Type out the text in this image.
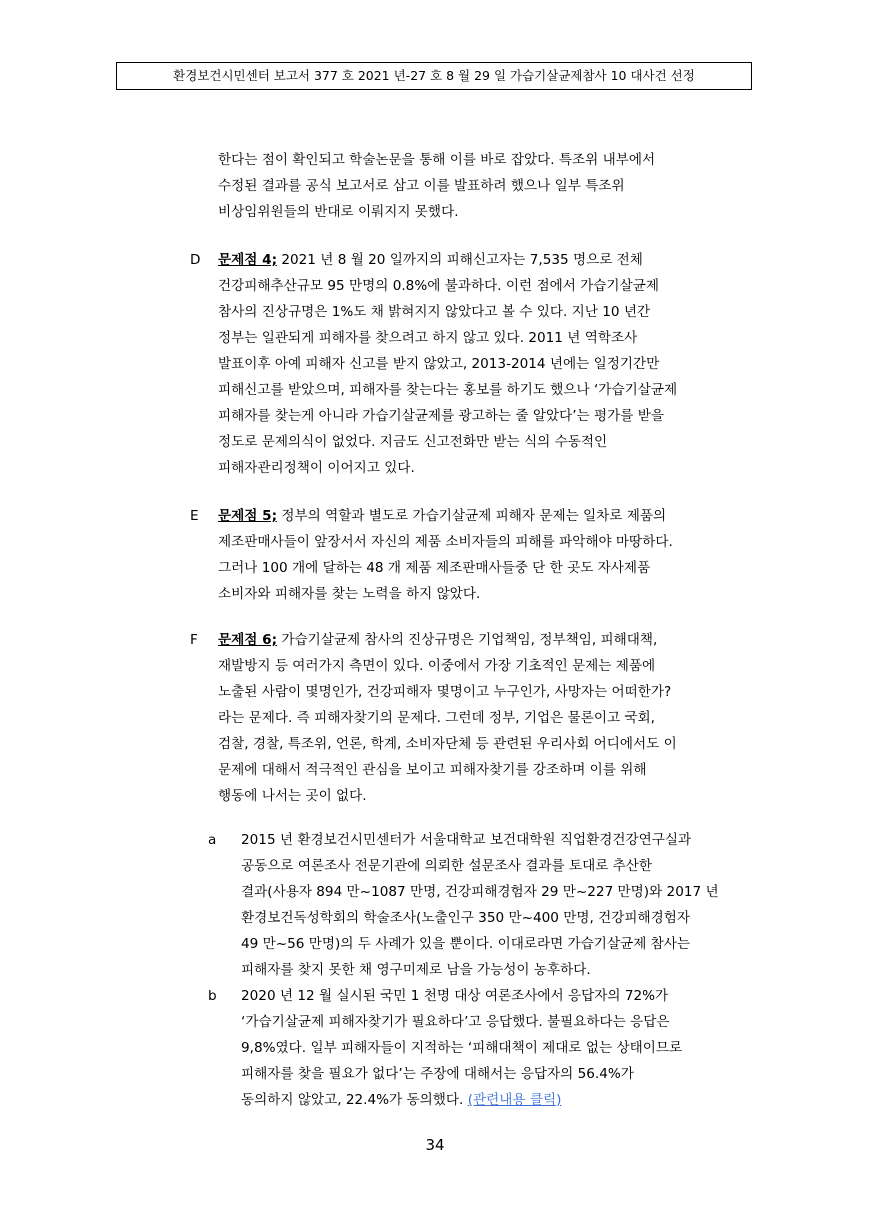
환경보건시민센터 보고서 377 호 2021 년-27 호 8 월 29 일 가습기살균제참사 10 대사건 선정
한다는 점이 확인되고 학술논문을 통해 이를 바로 잡았다. 특조위 내부에서
수정된 결과를 공식 보고서로 삼고 이를 발표하려 했으나 일부 특조위
비상임위원들의 반대로 이뤄지지 못했다.
D 문제점 4; 2021 년 8 월 20 일까지의 피해신고자는 7,535 명으로 전체
건강피해추산규모 95 만명의 0.8%에 불과하다. 이런 점에서 가습기살균제
참사의 진상규명은 1%도 채 밝혀지지 않았다고 볼 수 있다. 지난 10 년간
정부는 일관되게 피해자를 찾으려고 하지 않고 있다. 2011 년 역학조사
발표이후 아예 피해자 신고를 받지 않았고, 2013-2014 년에는 일정기간만
피해신고를 받았으며, 피해자를 찾는다는 홍보를 하기도 했으나 ‘가습기살균제
피해자를 찾는게 아니라 가습기살균제를 광고하는 줄 알았다’는 평가를 받을
정도로 문제의식이 없었다. 지금도 신고전화만 받는 식의 수동적인
피해자관리정책이 이어지고 있다.
E 문제점 5; 정부의 역할과 별도로 가습기살균제 피해자 문제는 일차로 제품의
제조판매사들이 앞장서서 자신의 제품 소비자들의 피해를 파악해야 마땅하다.
그러나 100 개에 달하는 48 개 제품 제조판매사들중 단 한 곳도 자사제품
소비자와 피해자를 찾는 노력을 하지 않았다.
F 문제점 6; 가습기살균제 참사의 진상규명은 기업책임, 정부책임, 피해대책,
재발방지 등 여러가지 측면이 있다. 이중에서 가장 기초적인 문제는 제품에
노출된 사람이 몇명인가, 건강피해자 몇명이고 누구인가, 사망자는 어떠한가?
라는 문제다. 즉 피해자찾기의 문제다. 그런데 정부, 기업은 물론이고 국회,
검찰, 경찰, 특조위, 언론, 학계, 소비자단체 등 관련된 우리사회 어디에서도 이
문제에 대해서 적극적인 관심을 보이고 피해자찾기를 강조하며 이를 위해
행동에 나서는 곳이 없다.
a 2015 년 환경보건시민센터가 서울대학교 보건대학원 직업환경건강연구실과
공동으로 여론조사 전문기관에 의뢰한 설문조사 결과를 토대로 추산한
결과(사용자 894 만~1087 만명, 건강피해경험자 29 만~227 만명)와 2017 년
환경보건독성학회의 학술조사(노출인구 350 만~400 만명, 건강피해경험자
49 만~56 만명)의 두 사례가 있을 뿐이다. 이대로라면 가습기살균제 참사는
피해자를 찾지 못한 채 영구미제로 남을 가능성이 농후하다.
b 2020 년 12 월 실시된 국민 1 천명 대상 여론조사에서 응답자의 72%가
‘가습기살균제 피해자찾기가 필요하다’고 응답했다. 불필요하다는 응답은
9,8%였다. 일부 피해자들이 지적하는 ‘피해대책이 제대로 없는 상태이므로
피해자를 찾을 필요가 없다’는 주장에 대해서는 응답자의 56.4%가
동의하지 않았고, 22.4%가 동의했다. (관련내용 클릭)
34
